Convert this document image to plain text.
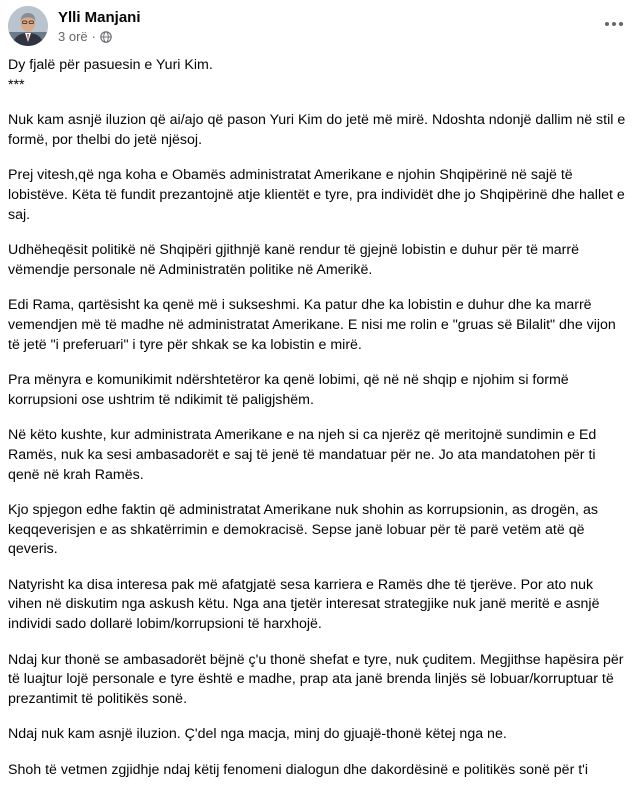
Ylli Manjani
3 orë ·

Dy fjalë për pasuesin e Yuri Kim.

***

Nuk kam asnjë iluzion që ai/ajo që pason Yuri Kim do jetë më mirë. Ndoshta ndonjë dallim në stil e formë, por thelbi do jetë njësoj.

Prej vitesh,që nga koha e Obamës administratat Amerikane e njohin Shqipërinë në sajë të lobistëve. Këta të fundit prezantojnë atje klientët e tyre, pra individët dhe jo Shqipërinë dhe hallet e saj.

Udhëheqësit politikë në Shqipëri gjithnjë kanë rendur të gjejnë lobistin e duhur për të marrë vëmendje personale në Administratën politike në Amerikë.

Edi Rama, qartësisht ka qenë më i sukseshmi. Ka patur dhe ka lobistin e duhur dhe ka marrë vemendjen më të madhe në administratat Amerikane. E nisi me rolin e "gruas së Bilalit" dhe vijon të jetë "i preferuari" i tyre për shkak se ka lobistin e mirë.

Pra mënyra e komunikimit ndërshtetëror ka qenë lobimi, që në në shqip e njohim si formë korrupsioni ose ushtrim të ndikimit të paligjshëm.

Në këto kushte, kur administrata Amerikane e na njeh si ca njerëz që meritojnë sundimin e Ed Ramës, nuk ka sesi ambasadorët e saj të jenë të mandatuar për ne. Jo ata mandatohen për ti qenë në krah Ramës.

Kjo spjegon edhe faktin që administratat Amerikane nuk shohin as korrupsionin, as drogën, as keqqeverisjen e as shkatërrimin e demokracisë. Sepse janë lobuar për të parë vetëm atë që qeveris.

Natyrisht ka disa interesa pak më afatgjatë sesa karriera e Ramës dhe të tjerëve. Por ato nuk vihen në diskutim nga askush këtu. Nga ana tjetër interesat strategjike nuk janë meritë e asnjë individi sado dollarë lobim/korrupsioni të harxhojë.

Ndaj kur thonë se ambasadorët bëjnë ç'u thonë shefat e tyre, nuk çuditem. Megjithse hapësira për të luajtur lojë personale e tyre është e madhe, prap ata janë brenda linjës së lobuar/korruptuar të prezantimit të politikës sonë.

Ndaj nuk kam asnjë iluzion. Ç'del nga macja, minj do gjuajë-thonë këtej nga ne.

Shoh të vetmen zgjidhje ndaj këtij fenomeni dialogun dhe dakordësinë e politikës sonë për t'i
